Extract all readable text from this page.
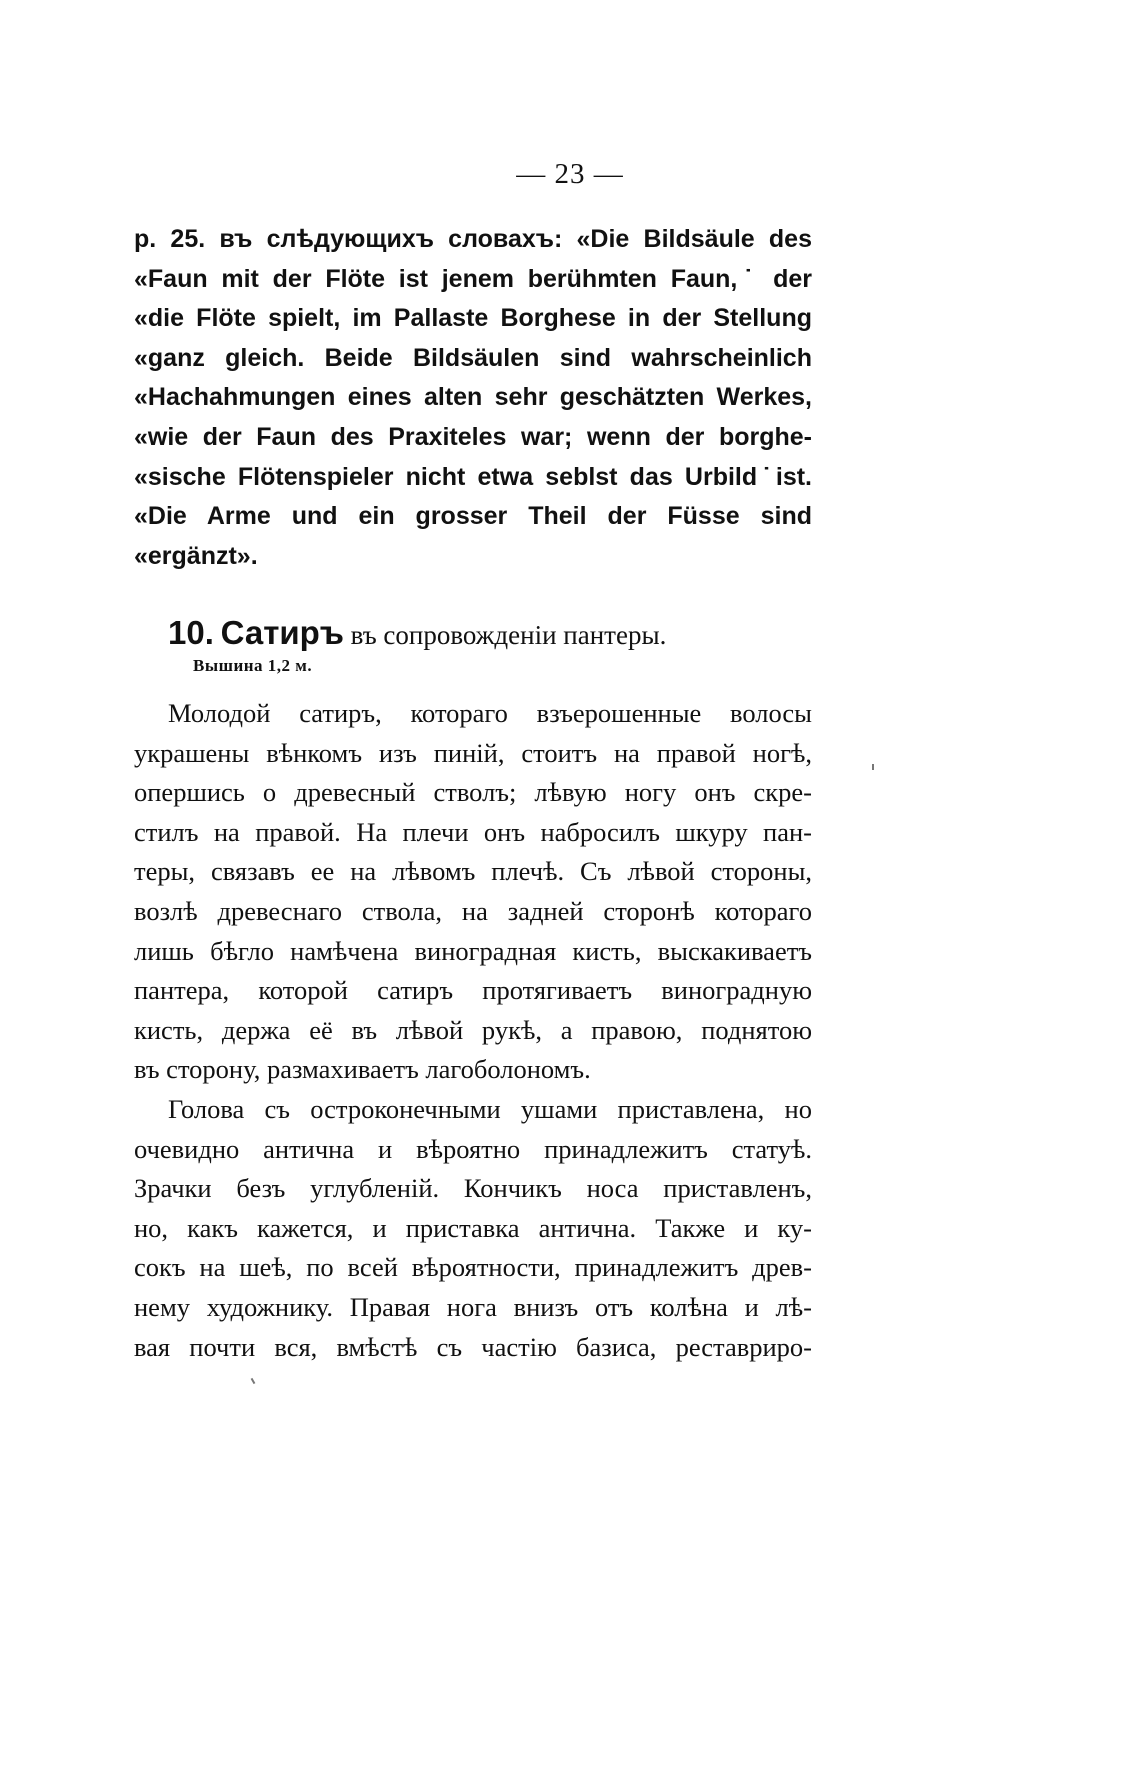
— 23 —
p. 25. въ слѣдующихъ словахъ: «Die Bildsäule des
«Faun mit der Flöte ist jenem berühmten Faun,˙ der
«die Flöte spielt, im Pallaste Borghese in der Stellung
«ganz gleich. Beide Bildsäulen sind wahrscheinlich
«Hachahmungen eines alten sehr geschätzten Werkes,
«wie der Faun des Praxiteles war; wenn der borghe-
«sische Flötenspieler nicht etwa seblst das Urbild˙ist.
«Die Arme und ein grosser Theil der Füsse sind
«ergänzt».
10. Сатиръ въ сопровожденіи пантеры.
Вышина 1,2 м.
Молодой сатиръ, котораго взъерошенные волосы
украшены вѣнкомъ изъ пиній, стоитъ на правой ногѣ,
опершись о древесный стволъ; лѣвую ногу онъ скре-
стилъ на правой. На плечи онъ набросилъ шкуру пан-
теры, связавъ ее на лѣвомъ плечѣ. Съ лѣвой стороны,
возлѣ древеснаго ствола, на задней сторонѣ котораго
лишь бѣгло намѣчена виноградная кисть, выскакиваетъ
пантера, которой сатиръ протягиваетъ виноградную
кисть, держа её въ лѣвой рукѣ, а правою, поднятою
въ сторону, размахиваетъ лагоболономъ.
Голова съ остроконечными ушами приставлена, но
очевидно антична и вѣроятно принадлежитъ статуѣ.
Зрачки безъ углубленій. Кончикъ носа приставленъ,
но, какъ кажется, и приставка антична. Также и ку-
сокъ на шеѣ, по всей вѣроятности, принадлежитъ древ-
нему художнику. Правая нога внизъ отъ колѣна и лѣ-
вая почти вся, вмѣстѣ съ частію базиса, реставриро-
